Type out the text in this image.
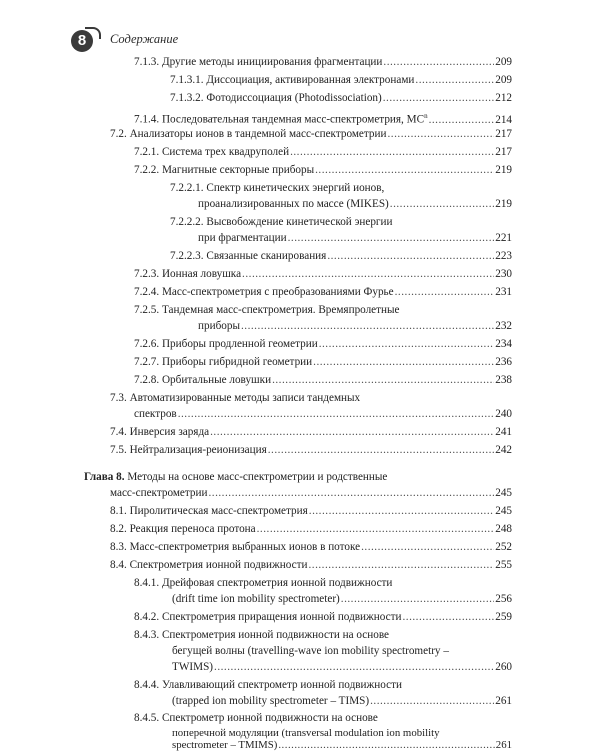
8	Содержание
7.1.3. Другие методы инициирования фрагментации .....	209
7.1.3.1. Диссоциация, активированная электронами .....	209
7.1.3.2. Фотодиссоциация (Photodissociation) .....	212
7.1.4. Последовательная тандемная масс-спектрометрия, $МС^n$ .....	214
7.2. Анализаторы ионов в тандемной масс-спектрометрии .....	217
7.2.1. Система трех квадруполей .....	217
7.2.2. Магнитные секторные приборы .....	219
7.2.2.1. Спектр кинетических энергий ионов,
проанализированных по массе (MIKES) .....	219
7.2.2.2. Высвобождение кинетической энергии
при фрагментации .....	221
7.2.2.3. Связанные сканирования .....	223
7.2.3. Ионная ловушка .....	230
7.2.4. Масс-спектрометрия с преобразованиями Фурье .....	231
7.2.5. Тандемная масс-спектрометрия. Времяпролетные
приборы .....	232
7.2.6. Приборы продленной геометрии .....	234
7.2.7. Приборы гибридной геометрии .....	236
7.2.8. Орбитальные ловушки .....	238
7.3. Автоматизированные методы записи тандемных
спектров .....	240
7.4. Инверсия заряда .....	241
7.5. Нейтрализация-реионизация .....	242
Глава 8. Методы на основе масс-спектрометрии и родственные
масс-спектрометрии .....	245
8.1. Пиролитическая масс-спектрометрия .....	245
8.2. Реакция переноса протона .....	248
8.3. Масс-спектрометрия выбранных ионов в потоке .....	252
8.4. Спектрометрия ионной подвижности .....	255
8.4.1. Дрейфовая спектрометрия ионной подвижности
(drift time ion mobility spectrometer) .....	256
8.4.2. Спектрометрия приращения ионной подвижности .....	259
8.4.3. Спектрометрия ионной подвижности на основе
бегущей волны (travelling-wave ion mobility spectrometry –
TWIMS) .....	260
8.4.4. Улавливающий спектрометр ионной подвижности
(trapped ion mobility spectrometer – TIMS) .....	261
8.4.5. Спектрометр ионной подвижности на основе
поперечной модуляции (transversal modulation ion mobility
spectrometer – TMIMS) .....	261
